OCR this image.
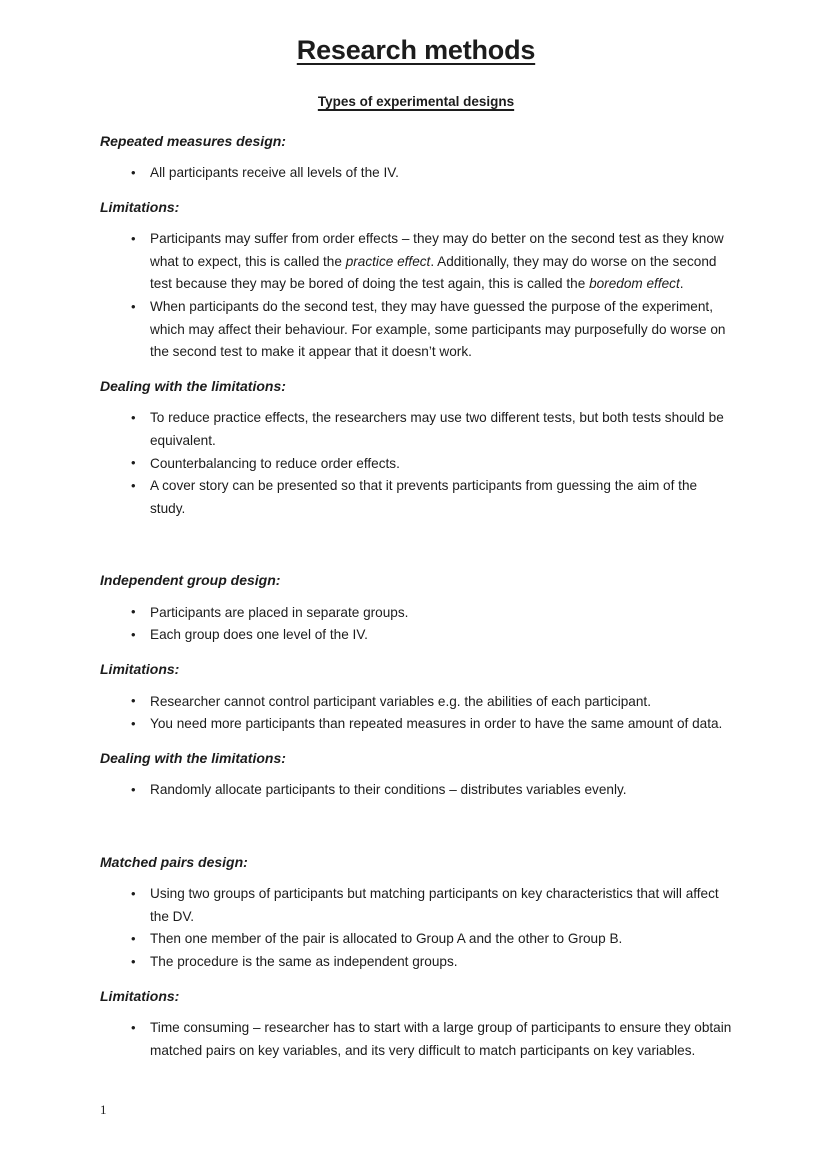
Research methods
Types of experimental designs
Repeated measures design:
• All participants receive all levels of the IV.
Limitations:
• Participants may suffer from order effects – they may do better on the second test as they know what to expect, this is called the practice effect. Additionally, they may do worse on the second test because they may be bored of doing the test again, this is called the boredom effect.
• When participants do the second test, they may have guessed the purpose of the experiment, which may affect their behaviour. For example, some participants may purposefully do worse on the second test to make it appear that it doesn’t work.
Dealing with the limitations:
• To reduce practice effects, the researchers may use two different tests, but both tests should be equivalent.
• Counterbalancing to reduce order effects.
• A cover story can be presented so that it prevents participants from guessing the aim of the study.
Independent group design:
• Participants are placed in separate groups.
• Each group does one level of the IV.
Limitations:
• Researcher cannot control participant variables e.g. the abilities of each participant.
• You need more participants than repeated measures in order to have the same amount of data.
Dealing with the limitations:
• Randomly allocate participants to their conditions – distributes variables evenly.
Matched pairs design:
• Using two groups of participants but matching participants on key characteristics that will affect the DV.
• Then one member of the pair is allocated to Group A and the other to Group B.
• The procedure is the same as independent groups.
Limitations:
• Time consuming – researcher has to start with a large group of participants to ensure they obtain matched pairs on key variables, and its very difficult to match participants on key variables.
1
